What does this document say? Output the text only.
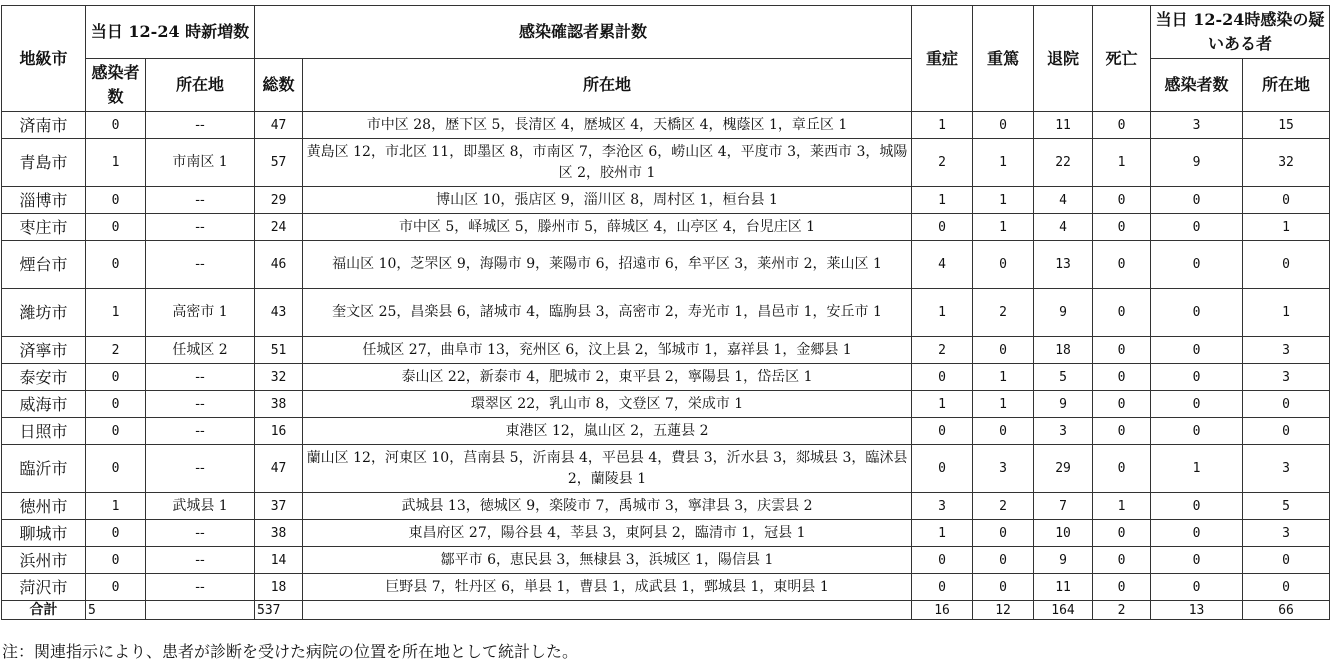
地級市	当日 12-24 時新増数		感染確認者累計数		重症	重篤	退院	死亡	当日 12-24時感染の疑いある者	
	感染者数	所在地	総数	所在地					感染者数	所在地
済南市	0	--	47	市中区 28，歴下区 5，長清区 4，歴城区 4，天橋区 4，槐蔭区 1，章丘区 1	1	0	11	0	3	15
青島市	1	市南区 1	57	黄島区 12，市北区 11，即墨区 8，市南区 7，李沧区 6，崂山区 4，平度市 3，莱西市 3，城陽区 2，胶州市 1	2	1	22	1	9	32
淄博市	0	--	29	博山区 10，張店区 9，淄川区 8，周村区 1，桓台县 1	1	1	4	0	0	0
枣庄市	0	--	24	市中区 5，峄城区 5，滕州市 5，薛城区 4，山亭区 4，台児庄区 1	0	1	4	0	0	1
煙台市	0	--	46	福山区 10，芝罘区 9，海陽市 9，莱陽市 6，招遠市 6，牟平区 3，莱州市 2，莱山区 1	4	0	13	0	0	0
濰坊市	1	高密市 1	43	奎文区 25，昌楽县 6，諸城市 4，臨朐县 3，高密市 2，寿光市 1，昌邑市 1，安丘市 1	1	2	9	0	0	1
済寧市	2	任城区 2	51	任城区 27，曲阜市 13，兖州区 6，汶上县 2，邹城市 1，嘉祥县 1，金郷县 1	2	0	18	0	0	3
泰安市	0	--	32	泰山区 22，新泰市 4，肥城市 2，東平县 2，寧陽县 1，岱岳区 1	0	1	5	0	0	3
威海市	0	--	38	環翠区 22，乳山市 8，文登区 7，栄成市 1	1	1	9	0	0	0
日照市	0	--	16	東港区 12，嵐山区 2，五蓮县 2	0	0	3	0	0	0
臨沂市	0	--	47	蘭山区 12，河東区 10，莒南县 5，沂南县 4，平邑县 4，費县 3，沂水县 3，郯城县 3，臨沭县 2，蘭陵县 1	0	3	29	0	1	3
徳州市	1	武城县 1	37	武城县 13，徳城区 9，楽陵市 7，禹城市 3，寧津县 3，庆雲县 2	3	2	7	1	0	5
聊城市	0	--	38	東昌府区 27，陽谷县 4，莘县 3，東阿县 2，臨清市 1，冠县 1	1	0	10	0	0	3
浜州市	0	--	14	鄒平市 6，恵民县 3，無棣县 3，浜城区 1，陽信县 1	0	0	9	0	0	0
菏沢市	0	--	18	巨野县 7，牡丹区 6，単县 1，曹县 1，成武县 1，鄄城县 1，東明县 1	0	0	11	0	0	0
合計	5		537		16	12	164	2	13	66
注：関連指示により、患者が診断を受けた病院の位置を所在地として統計した。
